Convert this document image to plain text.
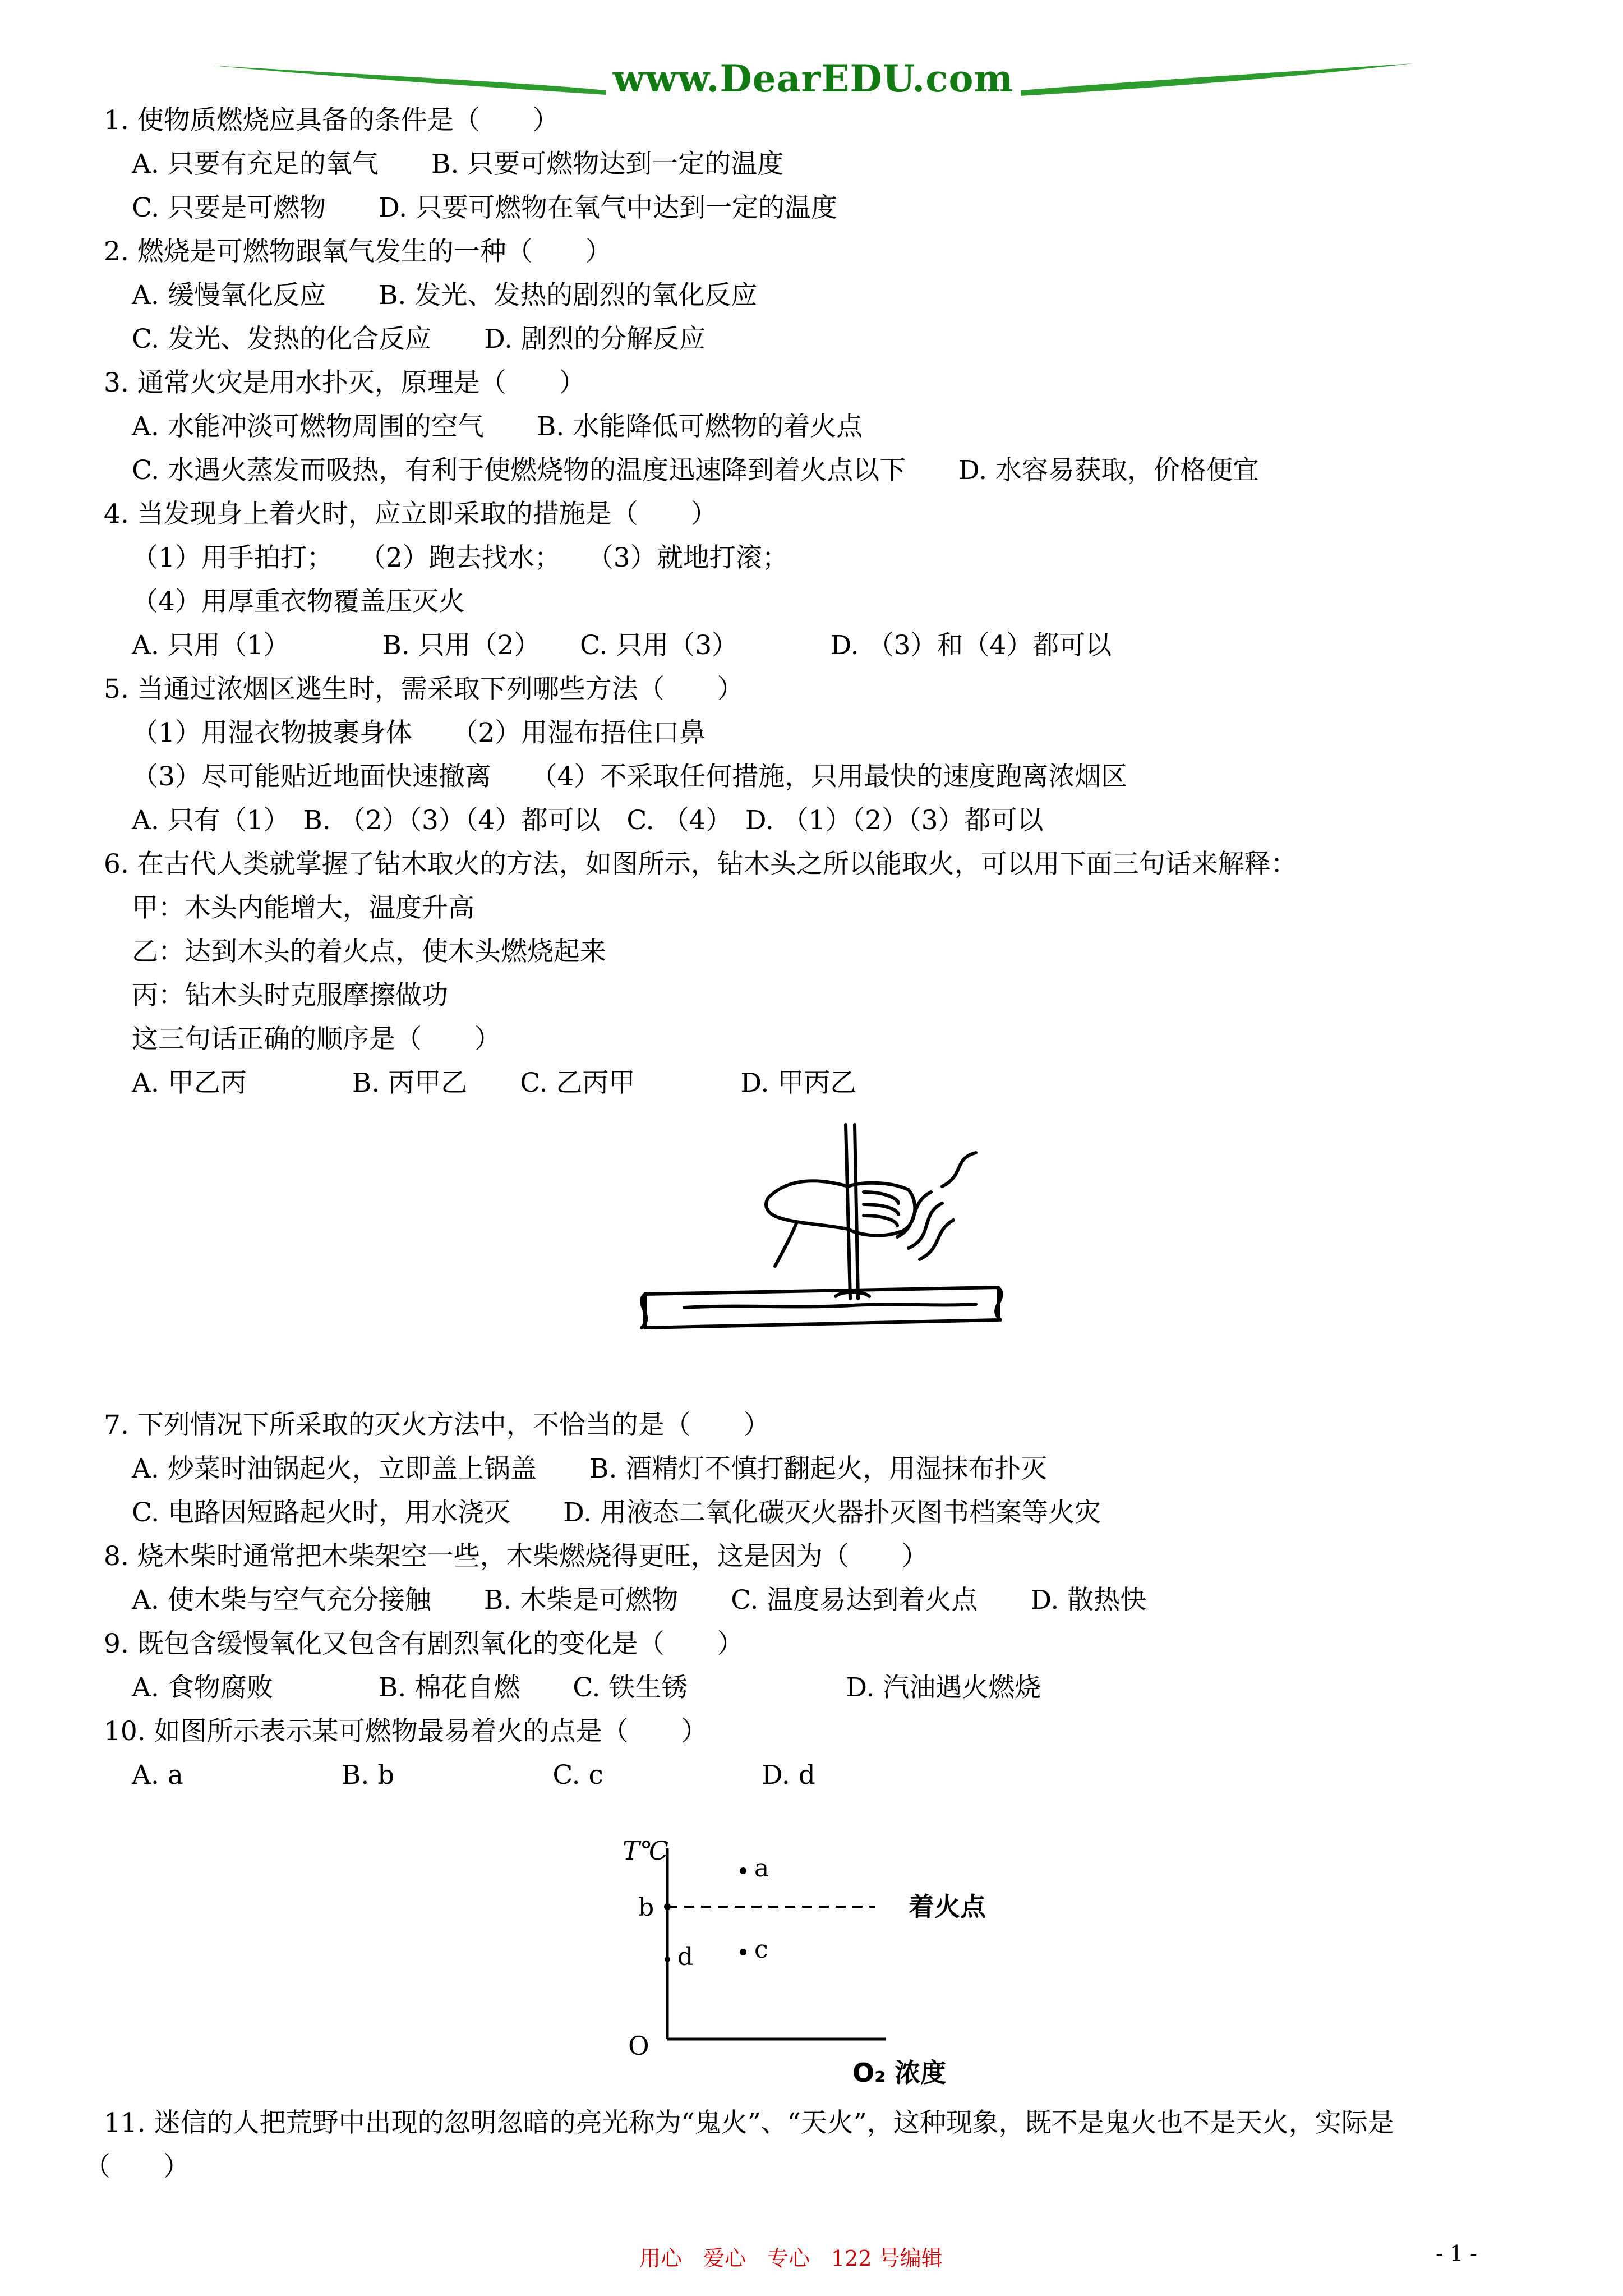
www.DearEDU.com
1. 使物质燃烧应具备的条件是（　　）
A. 只要有充足的氧气　　B. 只要可燃物达到一定的温度
C. 只要是可燃物　　D. 只要可燃物在氧气中达到一定的温度
2. 燃烧是可燃物跟氧气发生的一种（　　）
A. 缓慢氧化反应　　B. 发光、发热的剧烈的氧化反应
C. 发光、发热的化合反应　　D. 剧烈的分解反应
3. 通常火灾是用水扑灭，原理是（　　）
A. 水能冲淡可燃物周围的空气　　B. 水能降低可燃物的着火点
C. 水遇火蒸发而吸热，有利于使燃烧物的温度迅速降到着火点以下　　D. 水容易获取，价格便宜
4. 当发现身上着火时，应立即采取的措施是（　　）
（1）用手拍打；　　（2）跑去找水；　　（3）就地打滚；
（4）用厚重衣物覆盖压灭火
A. 只用（1）　　　　B. 只用（2）　　C. 只用（3）　　　　D. （3）和（4）都可以
5. 当通过浓烟区逃生时，需采取下列哪些方法（　　）
（1）用湿衣物披裹身体　　（2）用湿布捂住口鼻
（3）尽可能贴近地面快速撤离　　（4）不采取任何措施，只用最快的速度跑离浓烟区
A. 只有（1）　B. （2）（3）（4）都可以　C. （4）　D. （1）（2）（3）都可以
6. 在古代人类就掌握了钻木取火的方法，如图所示，钻木头之所以能取火，可以用下面三句话来解释：
甲：木头内能增大，温度升高
乙：达到木头的着火点，使木头燃烧起来
丙：钻木头时克服摩擦做功
这三句话正确的顺序是（　　）
A. 甲乙丙　　　　B. 丙甲乙　　C. 乙丙甲　　　　D. 甲丙乙
7. 下列情况下所采取的灭火方法中，不恰当的是（　　）
A. 炒菜时油锅起火，立即盖上锅盖　　B. 酒精灯不慎打翻起火，用湿抹布扑灭
C. 电路因短路起火时，用水浇灭　　D. 用液态二氧化碳灭火器扑灭图书档案等火灾
8. 烧木柴时通常把木柴架空一些，木柴燃烧得更旺，这是因为（　　）
A. 使木柴与空气充分接触　　B. 木柴是可燃物　　C. 温度易达到着火点　　D. 散热快
9. 既包含缓慢氧化又包含有剧烈氧化的变化是（　　）
A. 食物腐败　　　　B. 棉花自燃　　C. 铁生锈　　　　　　D. 汽油遇火燃烧
10. 如图所示表示某可燃物最易着火的点是（　　）
A. a　　　　　　B. b　　　　　　C. c　　　　　　D. d
11. 迷信的人把荒野中出现的忽明忽暗的亮光称为“鬼火”、“天火”，这种现象，既不是鬼火也不是天火，实际是
（　　）
T℃
O
O₂ 浓度
着火点
a
b
c
d
用心　爱心　专心　122 号编辑	- 1 -
